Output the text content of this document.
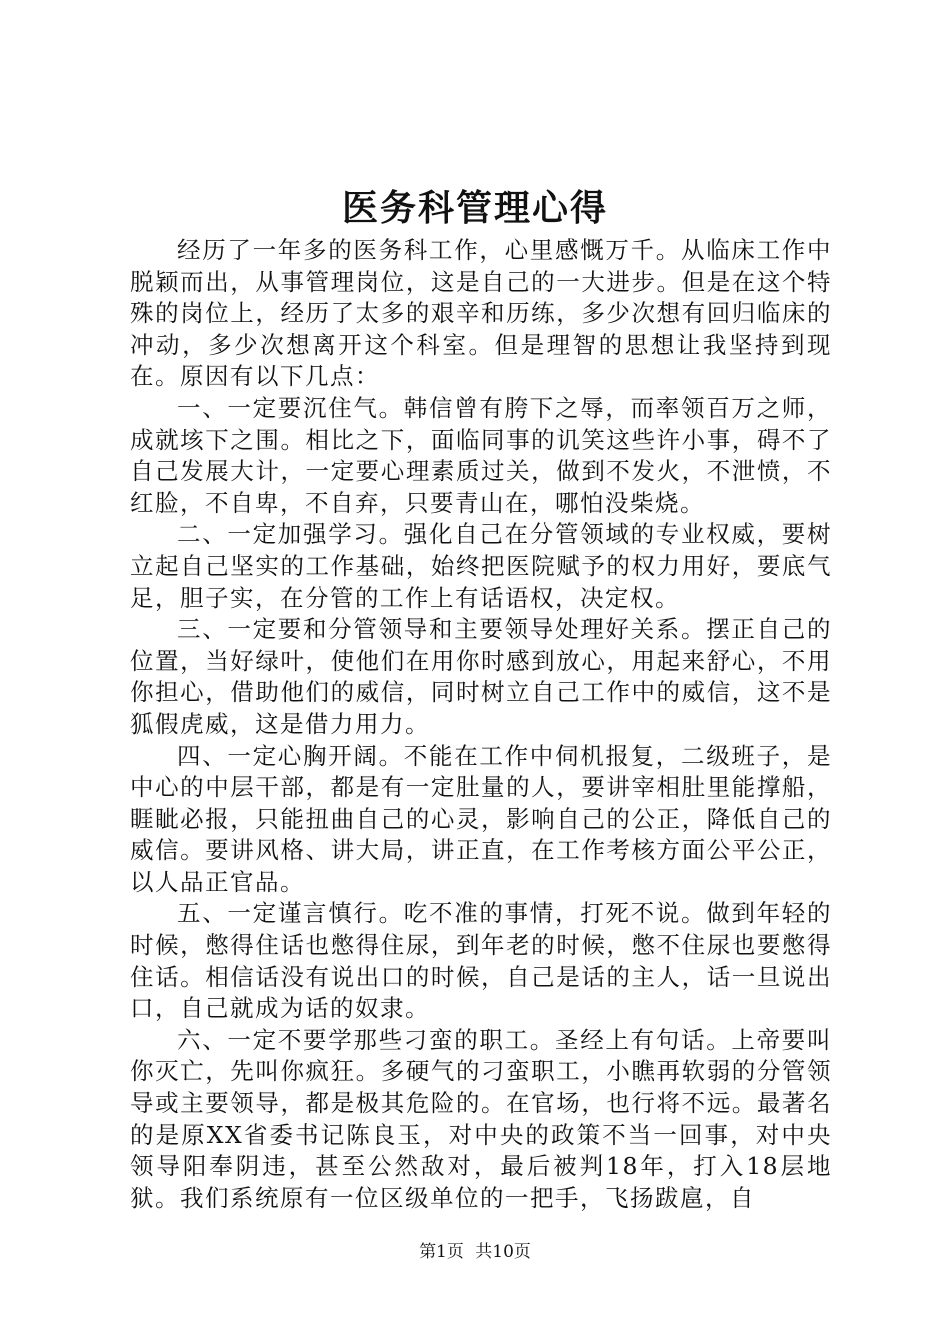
医务科管理心得

经历了一年多的医务科工作，心里感慨万千。从临床工作中脱颖而出，从事管理岗位，这是自己的一大进步。但是在这个特殊的岗位上，经历了太多的艰辛和历练，多少次想有回归临床的冲动，多少次想离开这个科室。但是理智的思想让我坚持到现在。原因有以下几点：

一、一定要沉住气。韩信曾有胯下之辱，而率领百万之师，成就垓下之围。相比之下，面临同事的讥笑这些许小事，碍不了自己发展大计，一定要心理素质过关，做到不发火，不泄愤，不红脸，不自卑，不自弃，只要青山在，哪怕没柴烧。

二、一定加强学习。强化自己在分管领域的专业权威，要树立起自己坚实的工作基础，始终把医院赋予的权力用好，要底气足，胆子实，在分管的工作上有话语权，决定权。

三、一定要和分管领导和主要领导处理好关系。摆正自己的位置，当好绿叶，使他们在用你时感到放心，用起来舒心，不用你担心，借助他们的威信，同时树立自己工作中的威信，这不是狐假虎威，这是借力用力。

四、一定心胸开阔。不能在工作中伺机报复，二级班子，是中心的中层干部，都是有一定肚量的人，要讲宰相肚里能撑船，睚眦必报，只能扭曲自己的心灵，影响自己的公正，降低自己的威信。要讲风格、讲大局，讲正直，在工作考核方面公平公正，以人品正官品。

五、一定谨言慎行。吃不准的事情，打死不说。做到年轻的时候，憋得住话也憋得住尿，到年老的时候，憋不住尿也要憋得住话。相信话没有说出口的时候，自己是话的主人，话一旦说出口，自己就成为话的奴隶。

六、一定不要学那些刁蛮的职工。圣经上有句话。上帝要叫你灭亡，先叫你疯狂。多硬气的刁蛮职工，小瞧再软弱的分管领导或主要领导，都是极其危险的。在官场，也行将不远。最著名的是原XX省委书记陈良玉，对中央的政策不当一回事，对中央领导阳奉阴违，甚至公然敌对，最后被判18年，打入18层地狱。我们系统原有一位区级单位的一把手，飞扬跋扈，自

第1页 共10页
